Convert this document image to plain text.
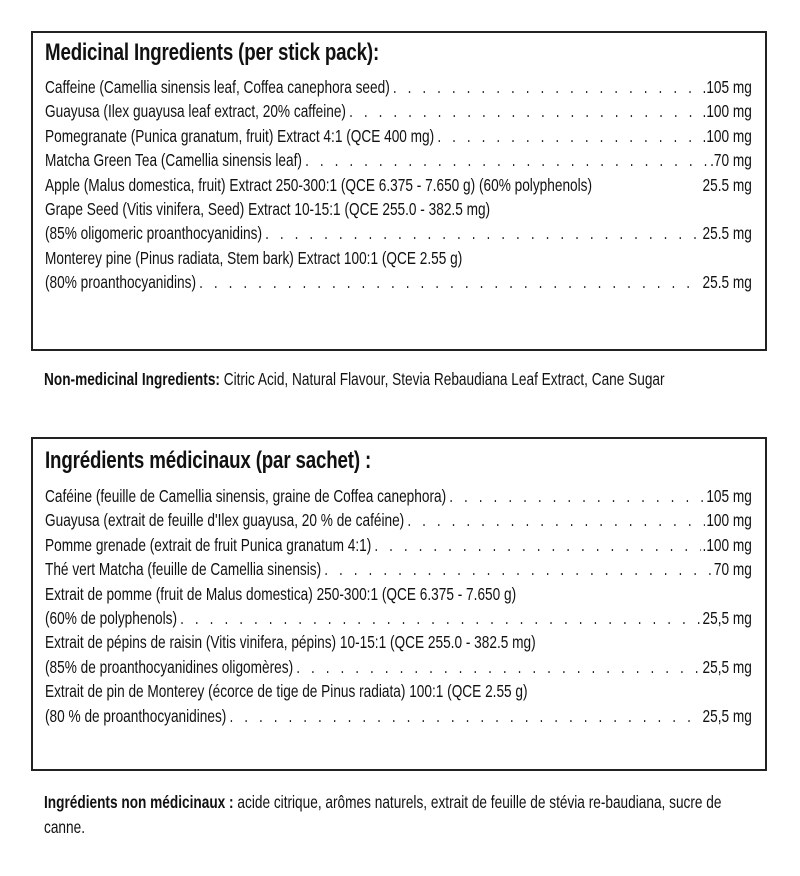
Medicinal Ingredients (per stick pack):
Caffeine (Camellia sinensis leaf, Coffea canephora seed) . . .	.105 mg
Guayusa (Ilex guayusa leaf extract, 20% caffeine) . . .	.100 mg
Pomegranate (Punica granatum, fruit) Extract 4:1 (QCE 400 mg) . . .	.100 mg
Matcha Green Tea (Camellia sinensis leaf) . . .	.70 mg
Apple (Malus domestica, fruit) Extract 250-300:1 (QCE 6.375 - 7.650 g) (60% polyphenols)	25.5 mg
Grape Seed (Vitis vinifera, Seed) Extract 10-15:1 (QCE 255.0 - 382.5 mg)
(85% oligomeric proanthocyanidins) . . .	25.5 mg
Monterey pine (Pinus radiata, Stem bark) Extract 100:1 (QCE 2.55 g)
(80% proanthocyanidins) . . .	25.5 mg
Non-medicinal Ingredients: Citric Acid, Natural Flavour, Stevia Rebaudiana Leaf Extract, Cane Sugar
Ingrédients médicinaux (par sachet) :
Caféine (feuille de Camellia sinensis, graine de Coffea canephora) . . .	105 mg
Guayusa (extrait de feuille d'Ilex guayusa, 20 % de caféine) . . .	100 mg
Pomme grenade (extrait de fruit Punica granatum 4:1) . . .	.100 mg
Thé vert Matcha (feuille de Camellia sinensis) . . .	70 mg
Extrait de pomme (fruit de Malus domestica) 250-300:1 (QCE 6.375 - 7.650 g)
(60% de polyphenols) . . .	25,5 mg
Extrait de pépins de raisin (Vitis vinifera, pépins) 10-15:1 (QCE 255.0 - 382.5 mg)
(85% de proanthocyanidines oligomères) . . .	25,5 mg
Extrait de pin de Monterey (écorce de tige de Pinus radiata) 100:1 (QCE 2.55 g)
(80 % de proanthocyanidines) . . .	25,5 mg
Ingrédients non médicinaux : acide citrique, arômes naturels, extrait de feuille de stévia re-baudiana, sucre de canne.
